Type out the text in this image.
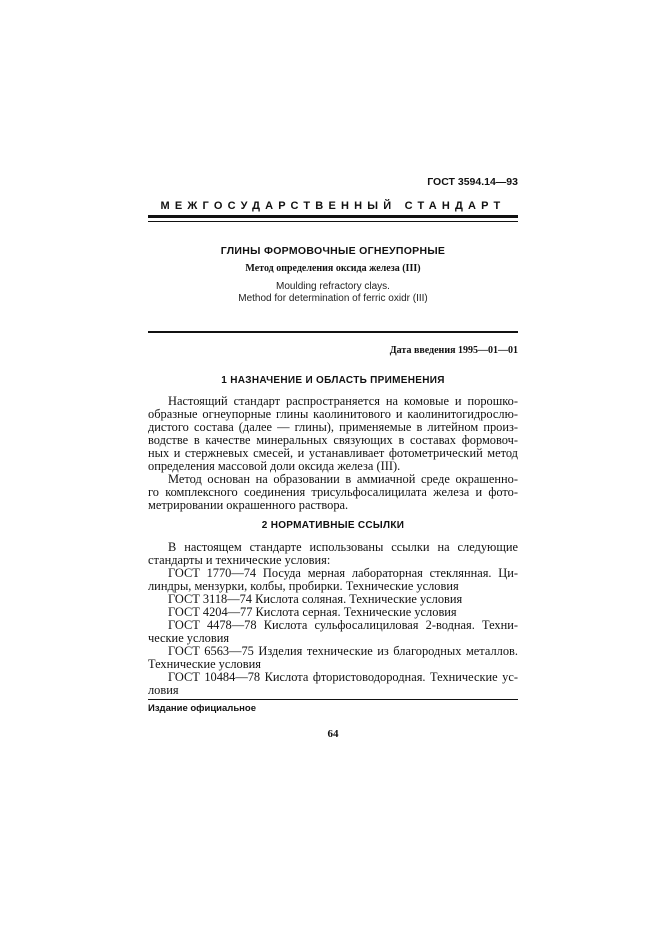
ГОСТ 3594.14—93
МЕЖГОСУДАРСТВЕННЫЙ СТАНДАРТ
ГЛИНЫ ФОРМОВОЧНЫЕ ОГНЕУПОРНЫЕ
Метод определения оксида железа (III)
Moulding refractory clays.
Method for determination of ferric oxidr (III)
Дата введения 1995—01—01
1 НАЗНАЧЕНИЕ И ОБЛАСТЬ ПРИМЕНЕНИЯ
Настоящий стандарт распространяется на комовые и порошко-
образные огнеупорные глины каолинитового и каолинитогидрослю-
дистого состава (далее — глины), применяемые в литейном произ-
водстве в качестве минеральных связующих в составах формовоч-
ных и стержневых смесей, и устанавливает фотометрический метод
определения массовой доли оксида железа (III).
Метод основан на образовании в аммиачной среде окрашенно-
го комплексного соединения трисульфосалицилата железа и фото-
метрировании окрашенного раствора.
2 НОРМАТИВНЫЕ ССЫЛКИ
В настоящем стандарте использованы ссылки на следующие
стандарты и технические условия:
ГОСТ 1770—74 Посуда мерная лабораторная стеклянная. Ци-
линдры, мензурки, колбы, пробирки. Технические условия
ГОСТ 3118—74 Кислота соляная. Технические условия
ГОСТ 4204—77 Кислота серная. Технические условия
ГОСТ 4478—78 Кислота сульфосалициловая 2-водная. Техни-
ческие условия
ГОСТ 6563—75 Изделия технические из благородных металлов.
Технические условия
ГОСТ 10484—78 Кислота фтористоводородная. Технические ус-
ловия
Издание официальное
64
